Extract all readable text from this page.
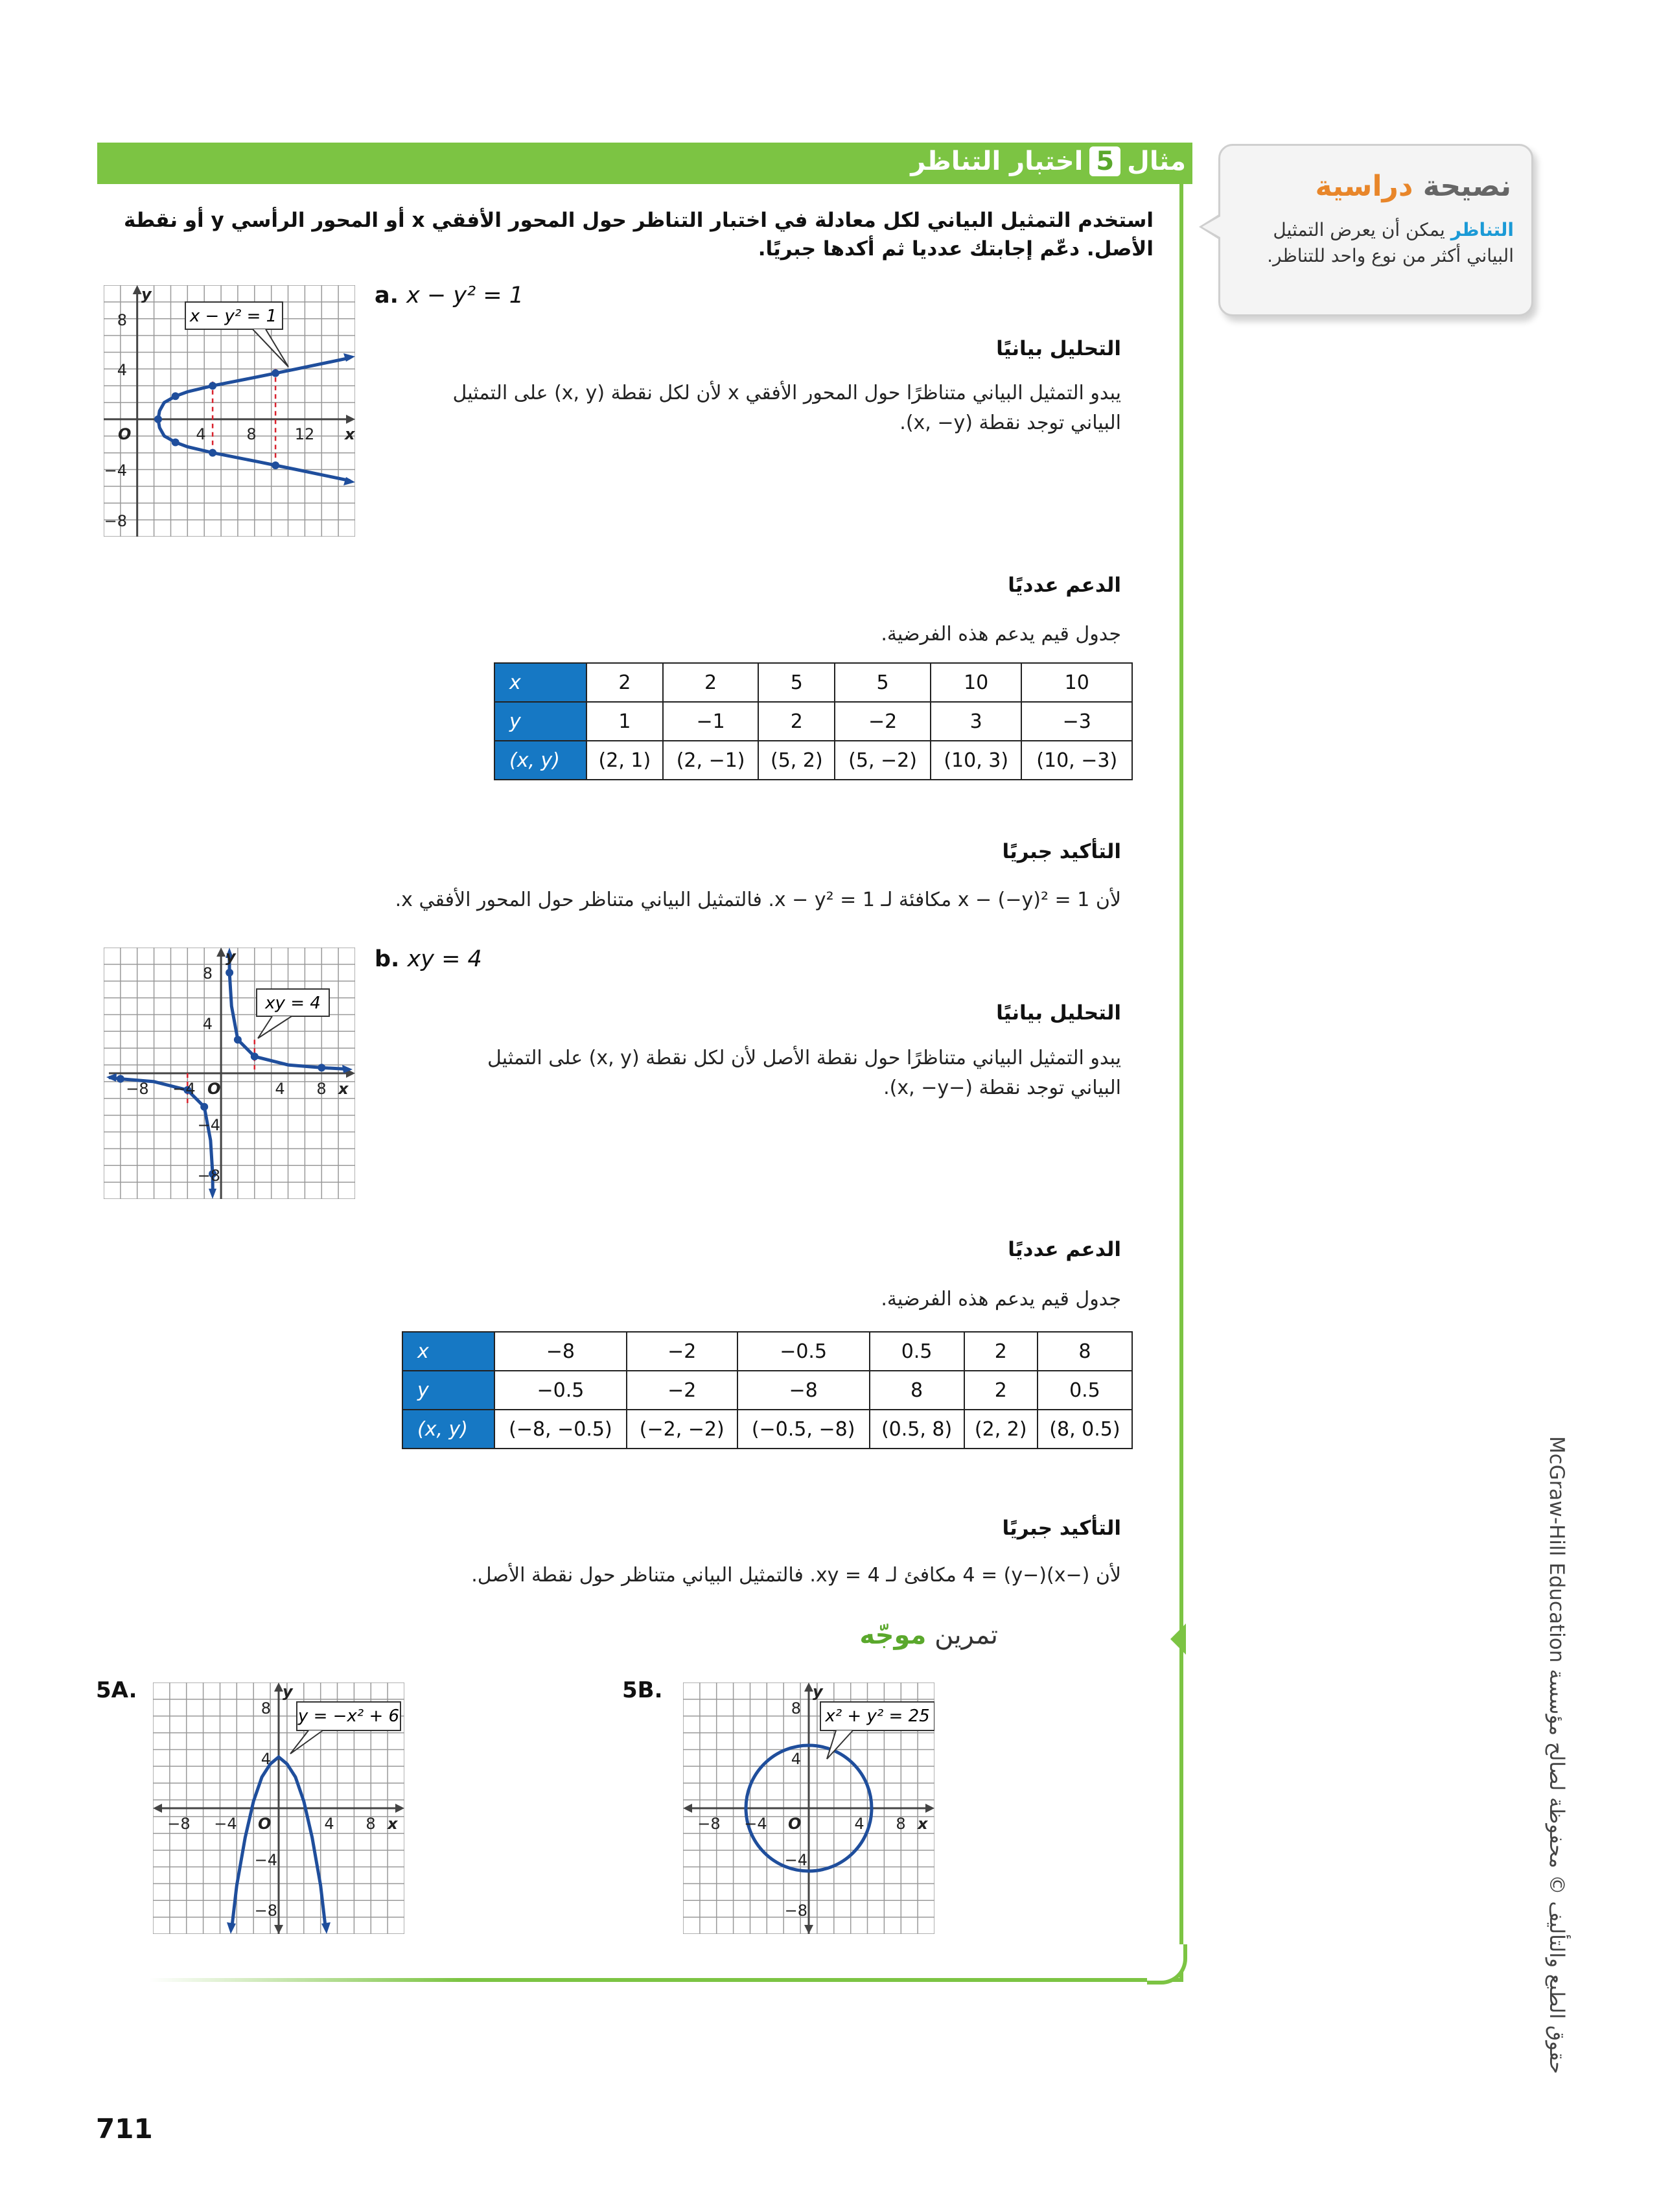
نصيحة دراسية
التناظر يمكن أن يعرض التمثيل البياني أكثر من نوع واحد للتناظر.
مثال5اختبار التناظر
استخدم التمثيل البياني لكل معادلة في اختبار التناظر حول المحور الأفقي x أو المحور الرأسي y أو نقطة الأصل. دعّم إجابتك عدديا ثم أكدها جبريًا.
a. x − y² = 1
x − y² = 1
y
x
O
8
4
−4
−8
4	8 12
التحليل بيانيًا
يبدو التمثيل البياني متناظرًا حول المحور الأفقي x لأن لكل نقطة (x, y) على التمثيل البياني توجد نقطة (x, −y).
الدعم عدديًا
جدول قيم يدعم هذه الفرضية.
x	2	2	5	5	10	10
y	1	−1	2	−2	3	−3
(x, y)	(2, 1)	(2, −1)	(5, 2)	(5, −2)	(10, 3)	(10, −3)
التأكيد جبريًا
لأن x − (−y)² = 1 مكافئة لـ x − y² = 1. فالتمثيل البياني متناظر حول المحور الأفقي x.
b. xy = 4
xy = 4
y
x
O
8
4
−4
−8
−8 −4	4 8
التحليل بيانيًا
يبدو التمثيل البياني متناظرًا حول نقطة الأصل لأن لكل نقطة (x, y) على التمثيل البياني توجد نقطة (−x, −y).
الدعم عدديًا
جدول قيم يدعم هذه الفرضية.
x	−8	−2	−0.5	0.5	2	8
y	−0.5	−2	−8	8	2	0.5
(x, y)	(−8, −0.5)	(−2, −2)	(−0.5, −8)	(0.5, 8)	(2, 2)	(8, 0.5)
التأكيد جبريًا
لأن (−x)(−y) = 4 مكافئ لـ xy = 4. فالتمثيل البياني متناظر حول نقطة الأصل.
تمرين موجّه
5A.
y = −x² + 6
y
x
O
8
4
−4
−8
−8 −4	4 8
5B.
x² + y² = 25
y
x
O
8
4
−4
−8
−8 −4	4 8
711
حقوق الطبع والتأليف © محفوظة لصالح مؤسسة McGraw-Hill Education
